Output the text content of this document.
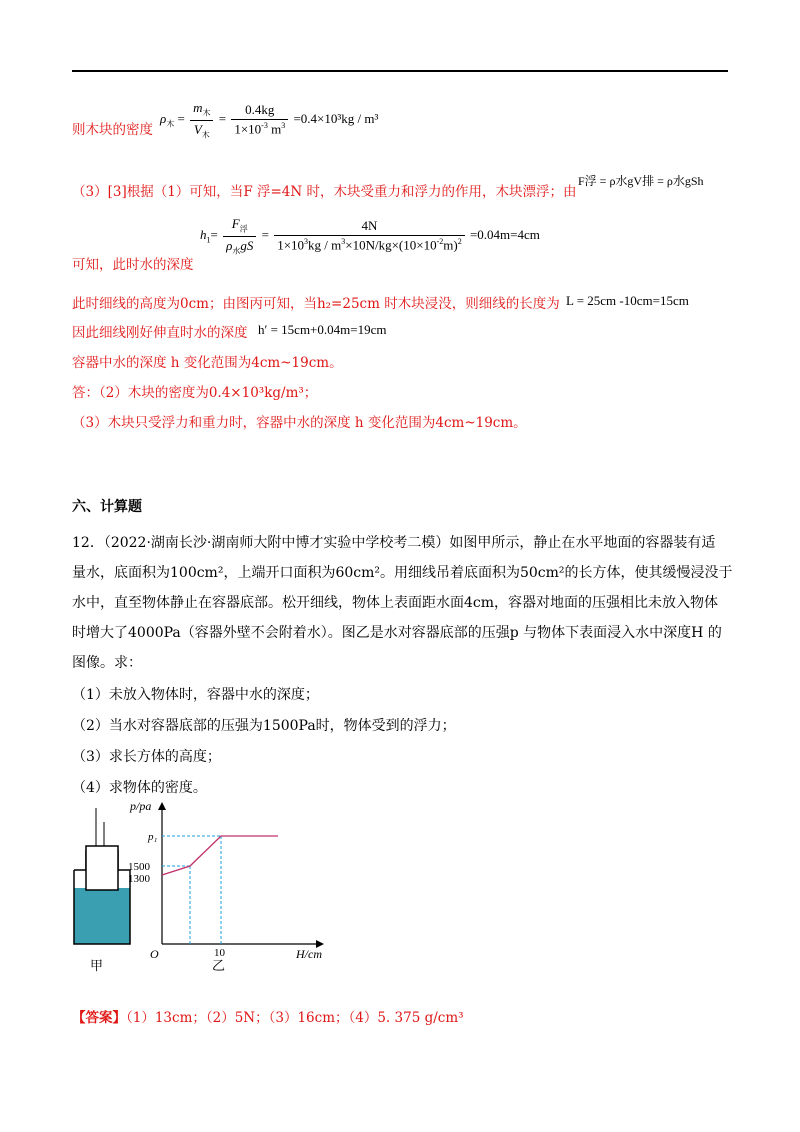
$\rho_木 = \frac{m_木}{V_木} = \frac{0.4kg}{1\times 10^{-3} m^3} =0.4\times 10^3kg / m^3$
则木块的密度
（3）[3]根据（1）可知，当F 浮=4N 时，木块受重力和浮力的作用，木块漂浮；由
F浮 = ρ水gV排 = ρ水gSh
$h_1= \frac{F_浮}{\rho_水gS} = \frac{4N}{1\times 10^3kg / m^3\times 10N/kg\times(10\times 10^{-2}m)^2} =0.04m=4cm$
可知，此时水的深度
此时细线的高度为0cm；由图丙可知，当h₂=25cm 时木块浸没，则细线的长度为 L = 25cm -10cm=15cm
因此细线刚好伸直时水的深度 h′ = 15cm+0.04m=19cm
容器中水的深度 h 变化范围为4cm~19cm。
答：（2）木块的密度为0.4×10³kg/m³；
（3）木块只受浮力和重力时，容器中水的深度 h 变化范围为4cm~19cm。
六、计算题
12．（2022·湖南长沙·湖南师大附中博才实验中学校考二模）如图甲所示，静止在水平地面的容器装有适
量水，底面积为100cm²，上端开口面积为60cm²。用细线吊着底面积为50cm²的长方体，使其缓慢浸没于
水中，直至物体静止在容器底部。松开细线，物体上表面距水面4cm，容器对地面的压强相比未放入物体
时增大了4000Pa（容器外壁不会附着水）。图乙是水对容器底部的压强p 与物体下表面浸入水中深度H 的
图像。求：
（1）未放入物体时，容器中水的深度；
（2）当水对容器底部的压强为1500Pa时，物体受到的浮力；
（3）求长方体的高度；
（4）求物体的密度。
甲
p/pa
H/cm
O	10
p₁
1500
1300
乙
【答案】（1）13cm；（2）5N；（3）16cm；（4）5. 375 g/cm³
